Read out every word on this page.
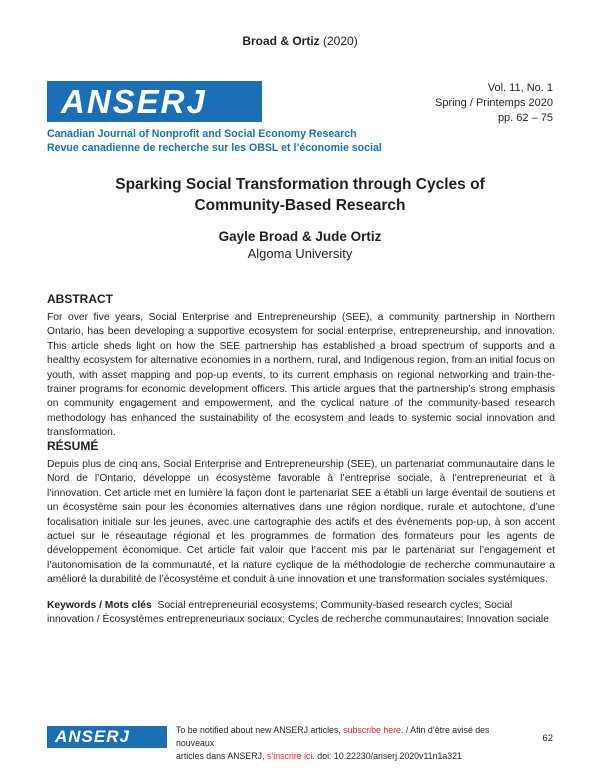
Broad & Ortiz (2020)
ANSERJ
Canadian Journal of Nonprofit and Social Economy Research
Revue canadienne de recherche sur les OBSL et l’économie social
Vol. 11, No. 1
Spring / Printemps 2020
pp. 62 – 75
Sparking Social Transformation through Cycles of
Community-Based Research
Gayle Broad & Jude Ortiz
Algoma University
ABSTRACT
For over five years, Social Enterprise and Entrepreneurship (SEE), a community partnership in Northern Ontario, has been developing a supportive ecosystem for social enterprise, entrepreneurship, and innovation. This article sheds light on how the SEE partnership has established a broad spectrum of supports and a healthy ecosystem for alternative economies in a northern, rural, and Indigenous region, from an initial focus on youth, with asset mapping and pop-up events, to its current emphasis on regional networking and train-the-trainer programs for economic development officers. This article argues that the partnership’s strong emphasis on community engagement and empowerment, and the cyclical nature of the community-based research methodology has enhanced the sustainability of the ecosystem and leads to systemic social innovation and transformation.
RÉSUMÉ
Depuis plus de cinq ans, Social Enterprise and Entrepreneurship (SEE), un partenariat communautaire dans le Nord de l’Ontario, développe un écosystème favorable à l’entreprise sociale, à l’entrepreneuriat et à l’innovation. Cet article met en lumière la façon dont le partenariat SEE a établi un large éventail de soutiens et un écosystème sain pour les économies alternatives dans une région nordique, rurale et autochtone, d’une focalisation initiale sur les jeunes, avec une cartographie des actifs et des événements pop-up, à son accent actuel sur le réseautage régional et les programmes de formation des formateurs pour les agents de développement économique. Cet article fait valoir que l’accent mis par le partenariat sur l’engagement et l’autonomisation de la communauté, et la nature cyclique de la méthodologie de recherche communautaire a amélioré la durabilité de l’écosystème et conduit à une innovation et une transformation sociales systémiques.
Keywords / Mots clés Social entrepreneurial ecosystems; Community-based research cycles; Social innovation / Écosystèmes entrepreneuriaux sociaux; Cycles de recherche communautaires; Innovation sociale
ANSERJ	To be notified about new ANSERJ articles, subscribe here. / Afin d’être avisé des nouveaux
articles dans ANSERJ, s’inscrire ici. doi: 10.22230/anserj.2020v11n1a321
62
